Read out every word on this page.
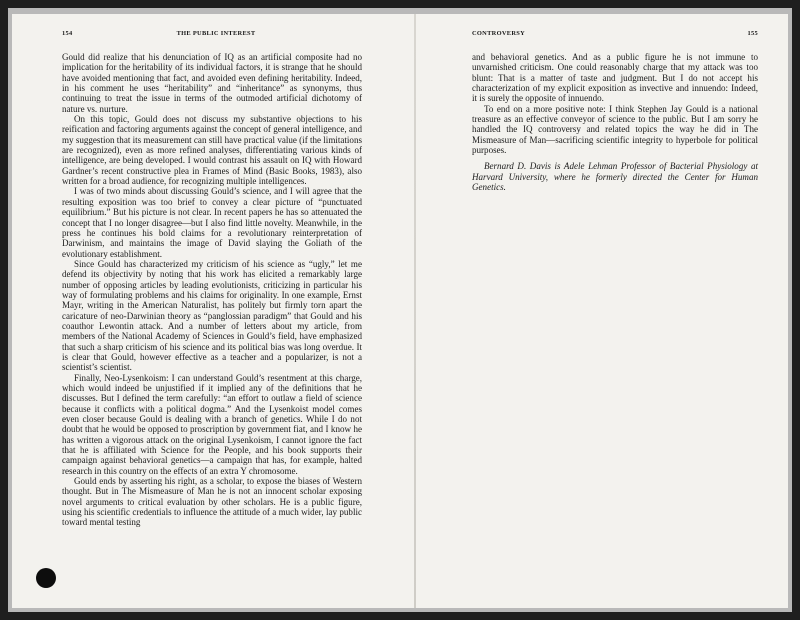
154	THE PUBLIC INTEREST	CONTROVERSY	155

Gould did realize that his denunciation of IQ as an artificial composite had no implication for the heritability of its individual factors, it is strange that he should have avoided mentioning that fact, and avoided even defining heritability. Indeed, in his comment he uses “heritability” and “inheritance” as synonyms, thus continuing to treat the issue in terms of the outmoded artificial dichotomy of nature vs. nurture.

On this topic, Gould does not discuss my substantive objections to his reification and factoring arguments against the concept of general intelligence, and my suggestion that its measurement can still have practical value (if the limitations are recognized), even as more refined analyses, differentiating various kinds of intelligence, are being developed. I would contrast his assault on IQ with Howard Gardner’s recent constructive plea in Frames of Mind (Basic Books, 1983), also written for a broad audience, for recognizing multiple intelligences.

I was of two minds about discussing Gould’s science, and I will agree that the resulting exposition was too brief to convey a clear picture of “punctuated equilibrium.” But his picture is not clear. In recent papers he has so attenuated the concept that I no longer disagree—but I also find little novelty. Meanwhile, in the press he continues his bold claims for a revolutionary reinterpretation of Darwinism, and maintains the image of David slaying the Goliath of the evolutionary establishment.

Since Gould has characterized my criticism of his science as “ugly,” let me defend its objectivity by noting that his work has elicited a remarkably large number of opposing articles by leading evolutionists, criticizing in particular his way of formulating problems and his claims for originality. In one example, Ernst Mayr, writing in the American Naturalist, has politely but firmly torn apart the caricature of neo-Darwinian theory as “panglossian paradigm” that Gould and his coauthor Lewontin attack. And a number of letters about my article, from members of the National Academy of Sciences in Gould’s field, have emphasized that such a sharp criticism of his science and its political bias was long overdue. It is clear that Gould, however effective as a teacher and a popularizer, is not a scientist’s scientist.

Finally, Neo-Lysenkoism: I can understand Gould’s resentment at this charge, which would indeed be unjustified if it implied any of the definitions that he discusses. But I defined the term carefully: “an effort to outlaw a field of science because it conflicts with a political dogma.” And the Lysenkoist model comes even closer because Gould is dealing with a branch of genetics. While I do not doubt that he would be opposed to proscription by government fiat, and I know he has written a vigorous attack on the original Lysenkoism, I cannot ignore the fact that he is affiliated with Science for the People, and his book supports their campaign against behavioral genetics—a campaign that has, for example, halted research in this country on the effects of an extra Y chromosome.

Gould ends by asserting his right, as a scholar, to expose the biases of Western thought. But in The Mismeasure of Man he is not an innocent scholar exposing novel arguments to critical evaluation by other scholars. He is a public figure, using his scientific credentials to influence the attitude of a much wider, lay public toward mental testing

and behavioral genetics. And as a public figure he is not immune to unvarnished criticism. One could reasonably charge that my attack was too blunt: That is a matter of taste and judgment. But I do not accept his characterization of my explicit exposition as invective and innuendo: Indeed, it is surely the opposite of innuendo.

To end on a more positive note: I think Stephen Jay Gould is a national treasure as an effective conveyor of science to the public. But I am sorry he handled the IQ controversy and related topics the way he did in The Mismeasure of Man—sacrificing scientific integrity to hyperbole for political purposes.

Bernard D. Davis is Adele Lehman Professor of Bacterial Physiology at Harvard University, where he formerly directed the Center for Human Genetics.
